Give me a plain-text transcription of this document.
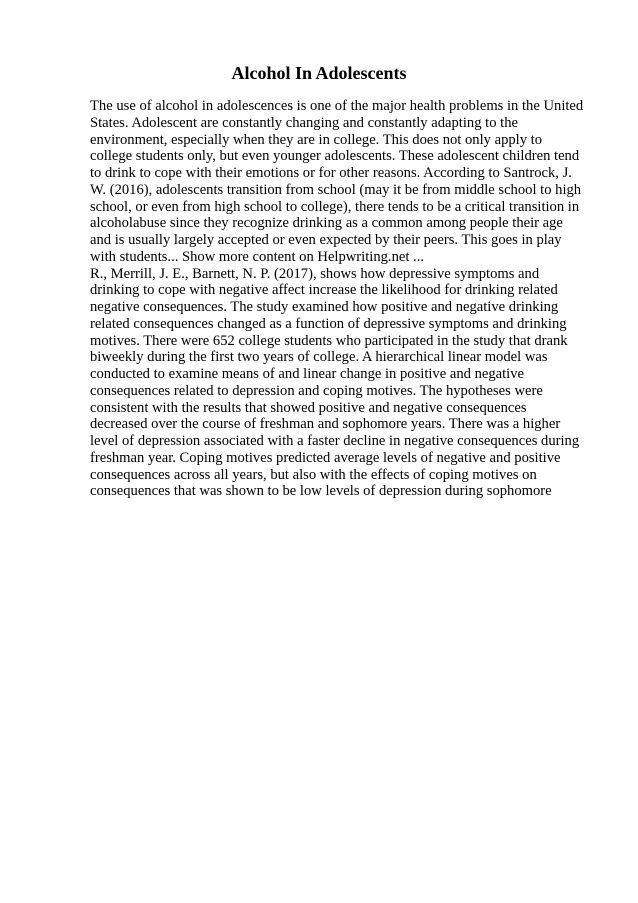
Alcohol In Adolescents
The use of alcohol in adolescences is one of the major health problems in the United
States. Adolescent are constantly changing and constantly adapting to the
environment, especially when they are in college. This does not only apply to
college students only, but even younger adolescents. These adolescent children tend
to drink to cope with their emotions or for other reasons. According to Santrock, J.
W. (2016), adolescents transition from school (may it be from middle school to high
school, or even from high school to college), there tends to be a critical transition in
alcoholabuse since they recognize drinking as a common among people their age
and is usually largely accepted or even expected by their peers. This goes in play
with students... Show more content on Helpwriting.net ...
R., Merrill, J. E., Barnett, N. P. (2017), shows how depressive symptoms and
drinking to cope with negative affect increase the likelihood for drinking related
negative consequences. The study examined how positive and negative drinking
related consequences changed as a function of depressive symptoms and drinking
motives. There were 652 college students who participated in the study that drank
biweekly during the first two years of college. A hierarchical linear model was
conducted to examine means of and linear change in positive and negative
consequences related to depression and coping motives. The hypotheses were
consistent with the results that showed positive and negative consequences
decreased over the course of freshman and sophomore years. There was a higher
level of depression associated with a faster decline in negative consequences during
freshman year. Coping motives predicted average levels of negative and positive
consequences across all years, but also with the effects of coping motives on
consequences that was shown to be low levels of depression during sophomore
